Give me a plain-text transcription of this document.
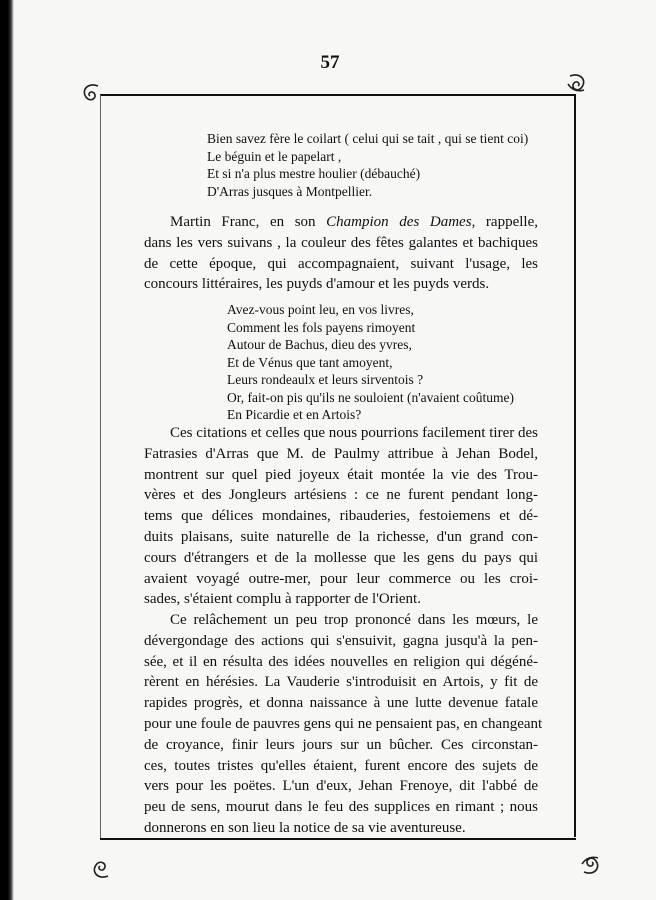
57
Bien savez fère le coilart ( celui qui se tait , qui se tient coi)
Le béguin et le papelart ,
Et si n'a plus mestre houlier (débauché)
D'Arras jusques à Montpellier.
Martin Franc, en son Champion des Dames, rappelle,
dans les vers suivans , la couleur des fêtes galantes et bachiques
de cette époque, qui accompagnaient, suivant l'usage, les
concours littéraires, les puyds d'amour et les puyds verds.
Avez-vous point leu, en vos livres,
Comment les fols payens rimoyent
Autour de Bachus, dieu des yvres,
Et de Vénus que tant amoyent,
Leurs rondeaulx et leurs sirventois ?
Or, fait-on pis qu'ils ne souloient (n'avaient coûtume)
En Picardie et en Artois?
Ces citations et celles que nous pourrions facilement tirer des
Fatrasies d'Arras que M. de Paulmy attribue à Jehan Bodel,
montrent sur quel pied joyeux était montée la vie des Trou-
vères et des Jongleurs artésiens : ce ne furent pendant long-
tems que délices mondaines, ribauderies, festoiemens et dé-
duits plaisans, suite naturelle de la richesse, d'un grand con-
cours d'étrangers et de la mollesse que les gens du pays qui
avaient voyagé outre-mer, pour leur commerce ou les croi-
sades, s'étaient complu à rapporter de l'Orient.
Ce relâchement un peu trop prononcé dans les mœurs, le
dévergondage des actions qui s'ensuivit, gagna jusqu'à la pen-
sée, et il en résulta des idées nouvelles en religion qui dégéné-
rèrent en hérésies. La Vauderie s'introduisit en Artois, y fit de
rapides progrès, et donna naissance à une lutte devenue fatale
pour une foule de pauvres gens qui ne pensaient pas, en changeant
de croyance, finir leurs jours sur un bûcher. Ces circonstan-
ces, toutes tristes qu'elles étaient, furent encore des sujets de
vers pour les poëtes. L'un d'eux, Jehan Frenoye, dit l'abbé de
peu de sens, mourut dans le feu des supplices en rimant ; nous
donnerons en son lieu la notice de sa vie aventureuse.
